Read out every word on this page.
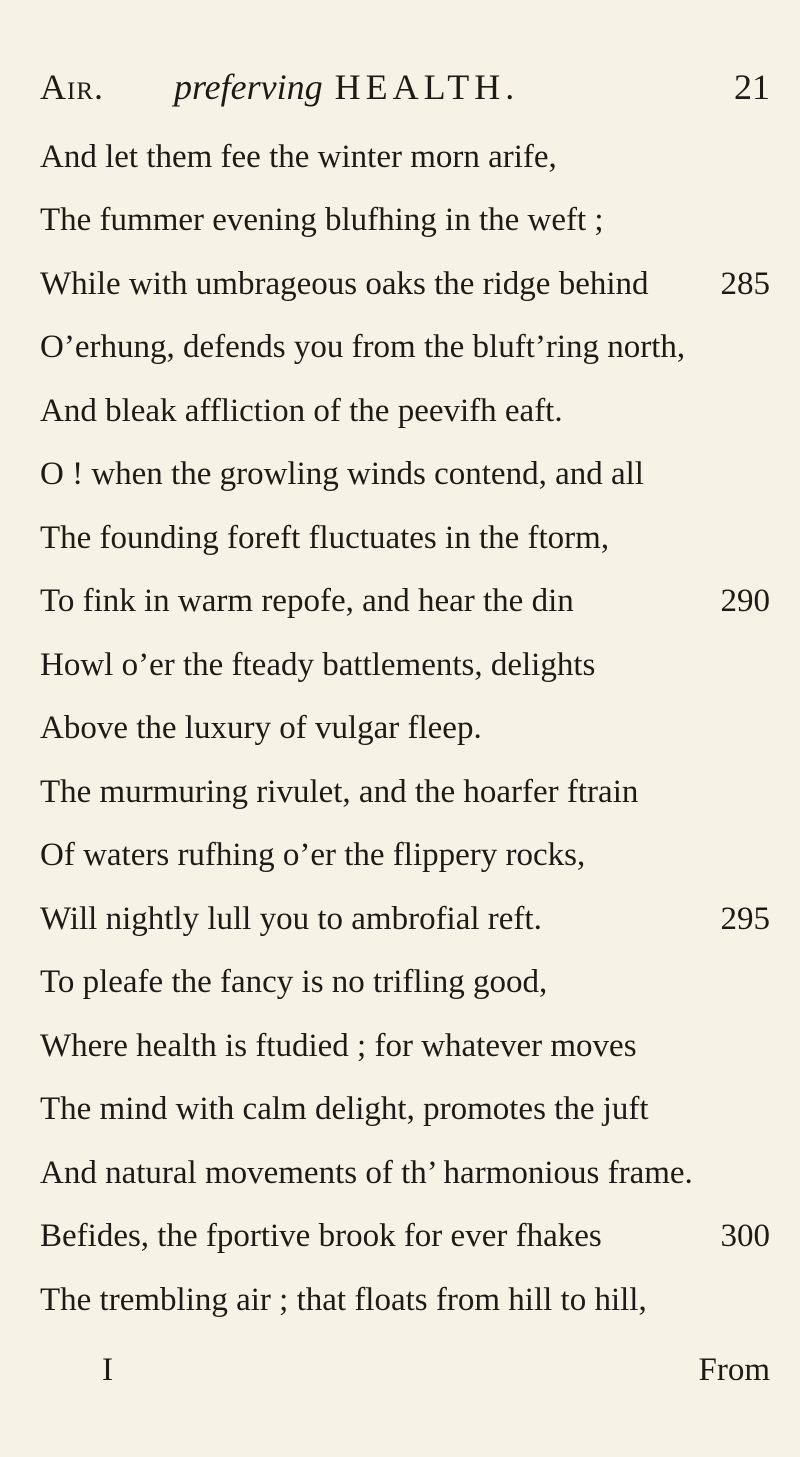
Air. preferving HEALTH.	21
And let them fee the winter morn arife,
The fummer evening blufhing in the weft ;
While with umbrageous oaks the ridge behind 285
O’erhung, defends you from the bluft’ring north,
And bleak affliction of the peevifh eaft.
O ! when the growling winds contend, and all
The founding foreft fluctuates in the ftorm,
To fink in warm repofe, and hear the din	290
Howl o’er the fteady battlements, delights
Above the luxury of vulgar fleep.
The murmuring rivulet, and the hoarfer ftrain
Of waters rufhing o’er the flippery rocks,
Will nightly lull you to ambrofial reft.	295
To pleafe the fancy is no trifling good,
Where health is ftudied ; for whatever moves
The mind with calm delight, promotes the juft
And natural movements of th’ harmonious frame.
Befides, the fportive brook for ever fhakes	300
The trembling air ; that floats from hill to hill,
I	From
